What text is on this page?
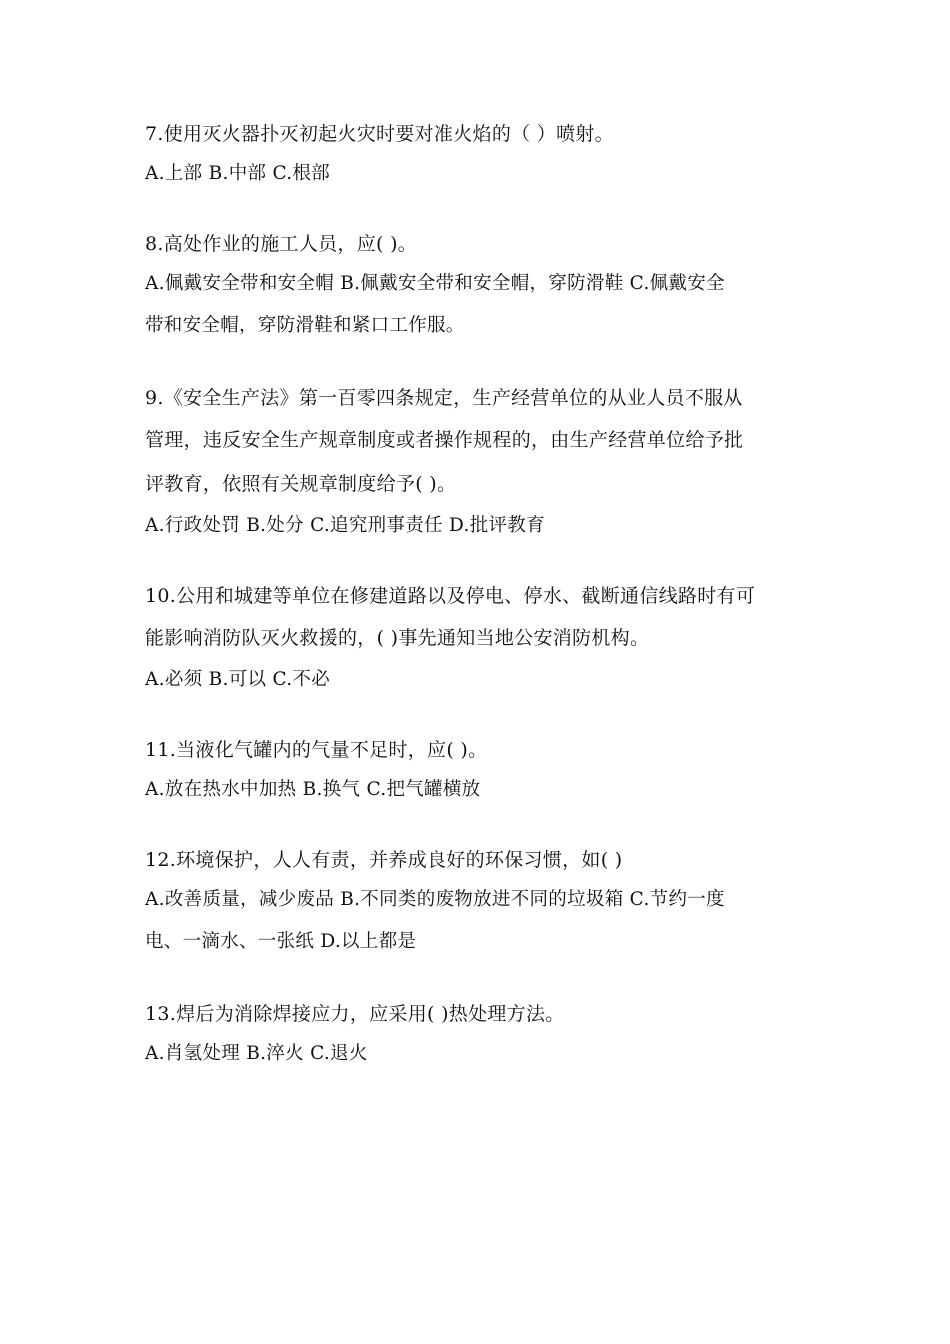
7.使用灭火器扑灭初起火灾时要对准火焰的（ ）喷射。
A.上部 B.中部 C.根部
8.高处作业的施工人员，应( )。
A.佩戴安全带和安全帽 B.佩戴安全带和安全帽，穿防滑鞋 C.佩戴安全
带和安全帽，穿防滑鞋和紧口工作服。
9.《安全生产法》第一百零四条规定，生产经营单位的从业人员不服从
管理，违反安全生产规章制度或者操作规程的，由生产经营单位给予批
评教育，依照有关规章制度给予( )。
A.行政处罚 B.处分 C.追究刑事责任 D.批评教育
10.公用和城建等单位在修建道路以及停电、停水、截断通信线路时有可
能影响消防队灭火救援的，( )事先通知当地公安消防机构。
A.必须 B.可以 C.不必
11.当液化气罐内的气量不足时，应( )。
A.放在热水中加热 B.换气 C.把气罐横放
12.环境保护，人人有责，并养成良好的环保习惯，如( )
A.改善质量，减少废品 B.不同类的废物放进不同的垃圾箱 C.节约一度
电、一滴水、一张纸 D.以上都是
13.焊后为消除焊接应力，应采用( )热处理方法。
A.肖氢处理 B.淬火 C.退火
